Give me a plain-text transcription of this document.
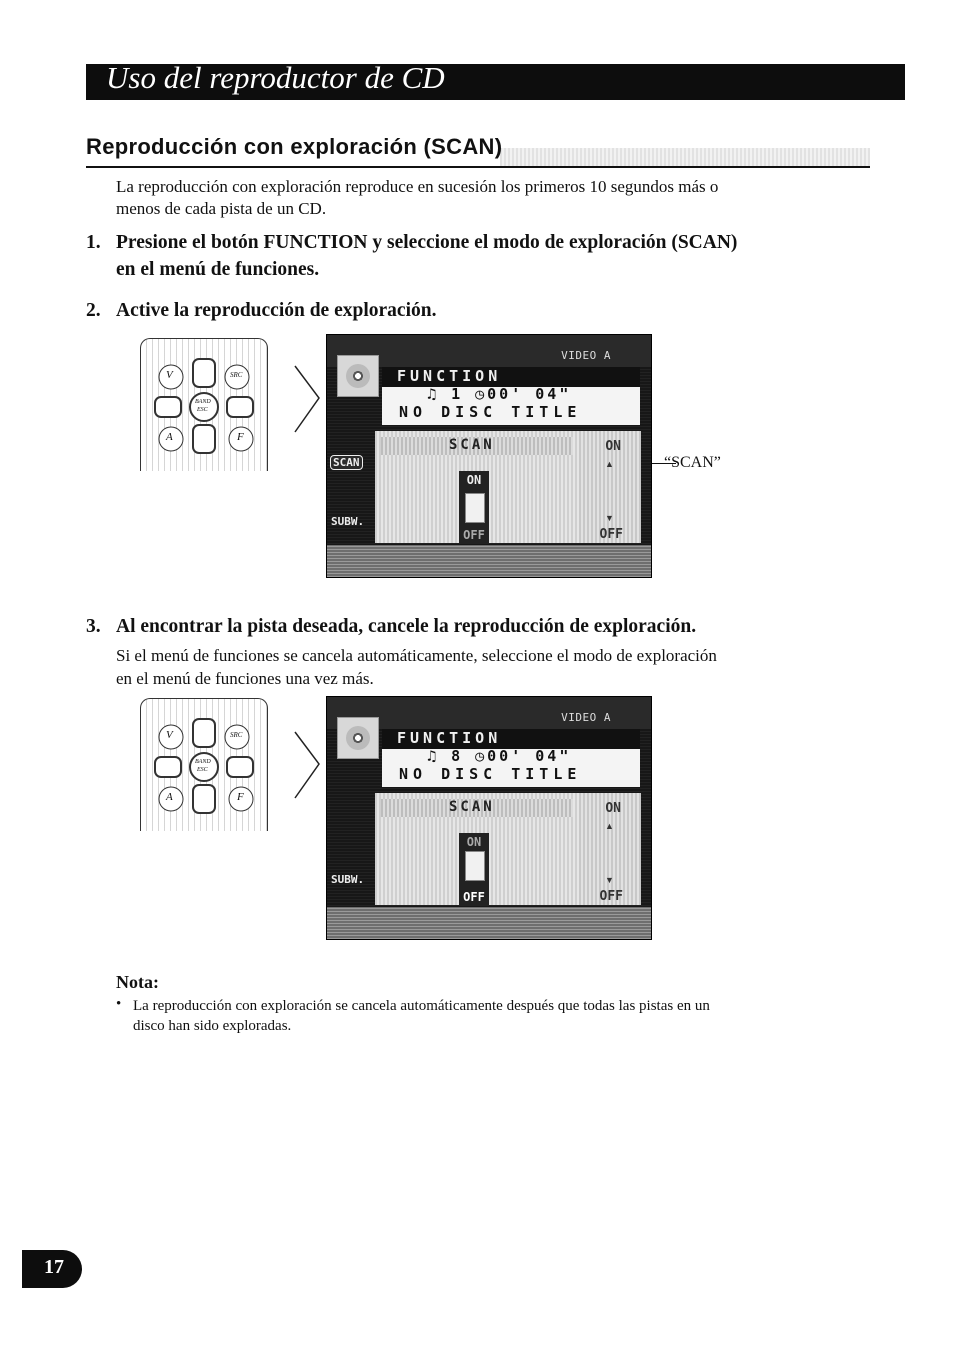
Uso del reproductor de CD
Reproducción con exploración (SCAN)
La reproducción con exploración reproduce en sucesión los primeros 10 segundos más o
menos de cada pista de un CD.
1. Presione el botón FUNCTION y seleccione el modo de exploración (SCAN)
en el menú de funciones.
2. Active la reproducción de exploración.
V	SRC
BAND
ESC
A	F
VIDEO A
FUNCTION
♫ 1 ◷00' 04"
NO DISC TITLE
SCAN	ON
▲
▼
OFF
ON
OFF
SCAN
SUBW.
“SCAN”
3. Al encontrar la pista deseada, cancele la reproducción de exploración.
Si el menú de funciones se cancela automáticamente, seleccione el modo de exploración
en el menú de funciones una vez más.
V	SRC
BAND
ESC
A	F
VIDEO A
FUNCTION
♫ 8 ◷00' 04"
NO DISC TITLE
SCAN	ON
▲
▼
OFF
ON
OFF
SUBW.
Nota:
• La reproducción con exploración se cancela automáticamente después que todas las pistas en un
disco han sido exploradas.
17
